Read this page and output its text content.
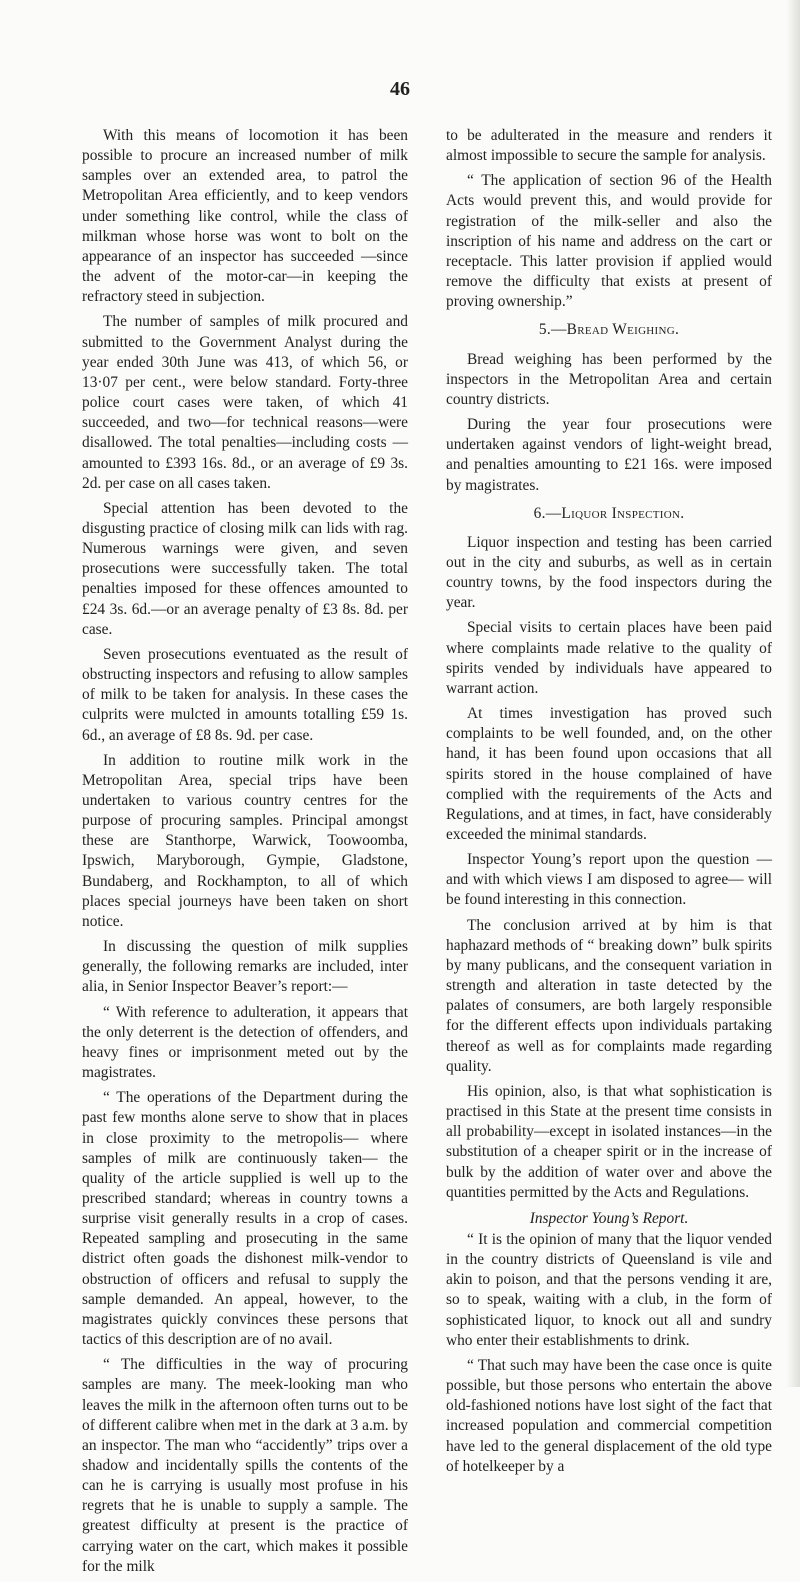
46

With this means of locomotion it has been possible to procure an increased number of milk samples over an extended area, to patrol the Metropolitan Area efficiently, and to keep vendors under something like control, while the class of milkman whose horse was wont to bolt on the appearance of an inspector has succeeded —since the advent of the motor-car—in keeping the refractory steed in subjection.

The number of samples of milk procured and submitted to the Government Analyst during the year ended 30th June was 413, of which 56, or 13·07 per cent., were below standard. Forty-three police court cases were taken, of which 41 succeeded, and two—for technical reasons—were disallowed. The total penalties—including costs —amounted to £393 16s. 8d., or an average of £9 3s. 2d. per case on all cases taken.

Special attention has been devoted to the disgusting practice of closing milk can lids with rag. Numerous warnings were given, and seven prosecutions were successfully taken. The total penalties imposed for these offences amounted to £24 3s. 6d.—or an average penalty of £3 8s. 8d. per case.

Seven prosecutions eventuated as the result of obstructing inspectors and refusing to allow samples of milk to be taken for analysis. In these cases the culprits were mulcted in amounts totalling £59 1s. 6d., an average of £8 8s. 9d. per case.

In addition to routine milk work in the Metropolitan Area, special trips have been undertaken to various country centres for the purpose of procuring samples. Principal amongst these are Stanthorpe, Warwick, Toowoomba, Ipswich, Maryborough, Gympie, Gladstone, Bundaberg, and Rockhampton, to all of which places special journeys have been taken on short notice.

In discussing the question of milk supplies generally, the following remarks are included, inter alia, in Senior Inspector Beaver’s report:—

“ With reference to adulteration, it appears that the only deterrent is the detection of offenders, and heavy fines or imprisonment meted out by the magistrates.

“ The operations of the Department during the past few months alone serve to show that in places in close proximity to the metropolis— where samples of milk are continuously taken— the quality of the article supplied is well up to the prescribed standard; whereas in country towns a surprise visit generally results in a crop of cases. Repeated sampling and prosecuting in the same district often goads the dishonest milk-vendor to obstruction of officers and refusal to supply the sample demanded. An appeal, however, to the magistrates quickly convinces these persons that tactics of this description are of no avail.

“ The difficulties in the way of procuring samples are many. The meek-looking man who leaves the milk in the afternoon often turns out to be of different calibre when met in the dark at 3 a.m. by an inspector. The man who “accidently” trips over a shadow and incidentally spills the contents of the can he is carrying is usually most profuse in his regrets that he is unable to supply a sample. The greatest difficulty at present is the practice of carrying water on the cart, which makes it possible for the milk

to be adulterated in the measure and renders it almost impossible to secure the sample for analysis.

“ The application of section 96 of the Health Acts would prevent this, and would provide for registration of the milk-seller and also the inscription of his name and address on the cart or receptacle. This latter provision if applied would remove the difficulty that exists at present of proving ownership.”

5.—Bread Weighing.

Bread weighing has been performed by the inspectors in the Metropolitan Area and certain country districts.

During the year four prosecutions were undertaken against vendors of light-weight bread, and penalties amounting to £21 16s. were imposed by magistrates.

6.—Liquor Inspection.

Liquor inspection and testing has been carried out in the city and suburbs, as well as in certain country towns, by the food inspectors during the year.

Special visits to certain places have been paid where complaints made relative to the quality of spirits vended by individuals have appeared to warrant action.

At times investigation has proved such complaints to be well founded, and, on the other hand, it has been found upon occasions that all spirits stored in the house complained of have complied with the requirements of the Acts and Regulations, and at times, in fact, have considerably exceeded the minimal standards.

Inspector Young’s report upon the question —and with which views I am disposed to agree— will be found interesting in this connection.

The conclusion arrived at by him is that haphazard methods of “ breaking down” bulk spirits by many publicans, and the consequent variation in strength and alteration in taste detected by the palates of consumers, are both largely responsible for the different effects upon individuals partaking thereof as well as for complaints made regarding quality.

His opinion, also, is that what sophistication is practised in this State at the present time consists in all probability—except in isolated instances—in the substitution of a cheaper spirit or in the increase of bulk by the addition of water over and above the quantities permitted by the Acts and Regulations.

Inspector Young’s Report.

“ It is the opinion of many that the liquor vended in the country districts of Queensland is vile and akin to poison, and that the persons vending it are, so to speak, waiting with a club, in the form of sophisticated liquor, to knock out all and sundry who enter their establishments to drink.

“ That such may have been the case once is quite possible, but those persons who entertain the above old-fashioned notions have lost sight of the fact that increased population and commercial competition have led to the general displacement of the old type of hotelkeeper by a
